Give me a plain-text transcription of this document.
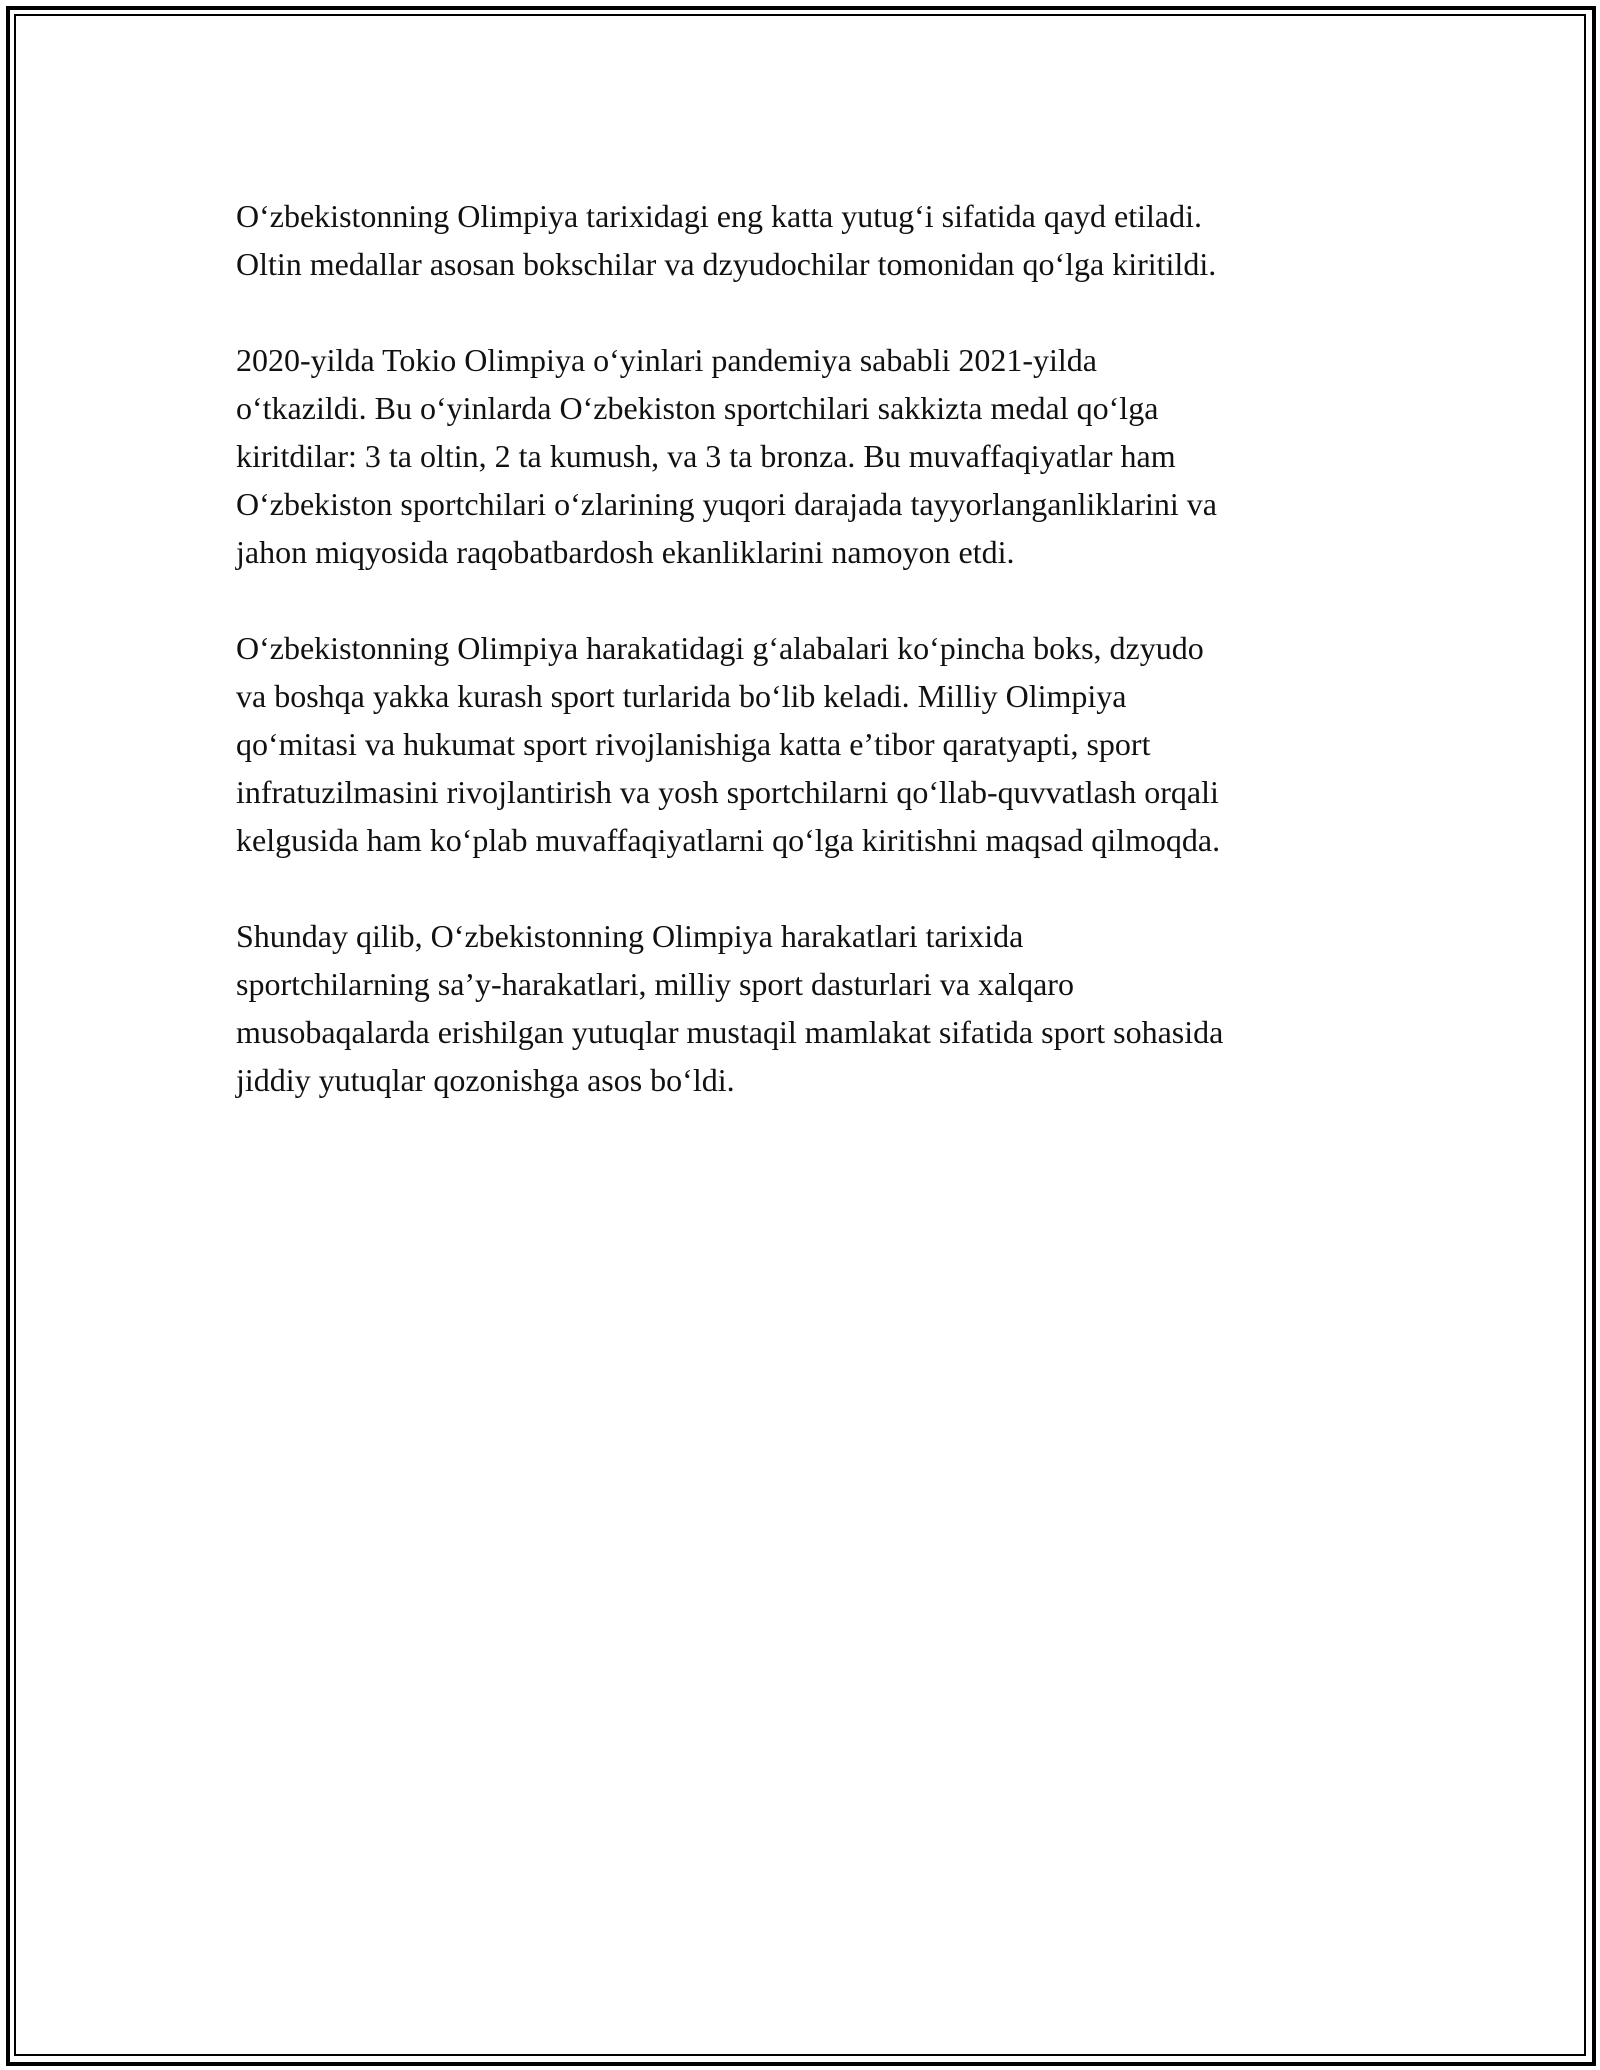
Oʻzbekistonning Olimpiya tarixidagi eng katta yutugʻi sifatida qayd etiladi.
Oltin medallar asosan bokschilar va dzyudochilar tomonidan qoʻlga kiritildi.

2020-yilda Tokio Olimpiya oʻyinlari pandemiya sababli 2021-yilda
oʻtkazildi. Bu oʻyinlarda Oʻzbekiston sportchilari sakkizta medal qoʻlga
kiritdilar: 3 ta oltin, 2 ta kumush, va 3 ta bronza. Bu muvaffaqiyatlar ham
Oʻzbekiston sportchilari oʻzlarining yuqori darajada tayyorlanganliklarini va
jahon miqyosida raqobatbardosh ekanliklarini namoyon etdi.

Oʻzbekistonning Olimpiya harakatidagi gʻalabalari koʻpincha boks, dzyudo
va boshqa yakka kurash sport turlarida boʻlib keladi. Milliy Olimpiya
qoʻmitasi va hukumat sport rivojlanishiga katta eʼtibor qaratyapti, sport
infratuzilmasini rivojlantirish va yosh sportchilarni qoʻllab-quvvatlash orqali
kelgusida ham koʻplab muvaffaqiyatlarni qoʻlga kiritishni maqsad qilmoqda.

Shunday qilib, Oʻzbekistonning Olimpiya harakatlari tarixida
sportchilarning saʼy-harakatlari, milliy sport dasturlari va xalqaro
musobaqalarda erishilgan yutuqlar mustaqil mamlakat sifatida sport sohasida
jiddiy yutuqlar qozonishga asos boʻldi.
